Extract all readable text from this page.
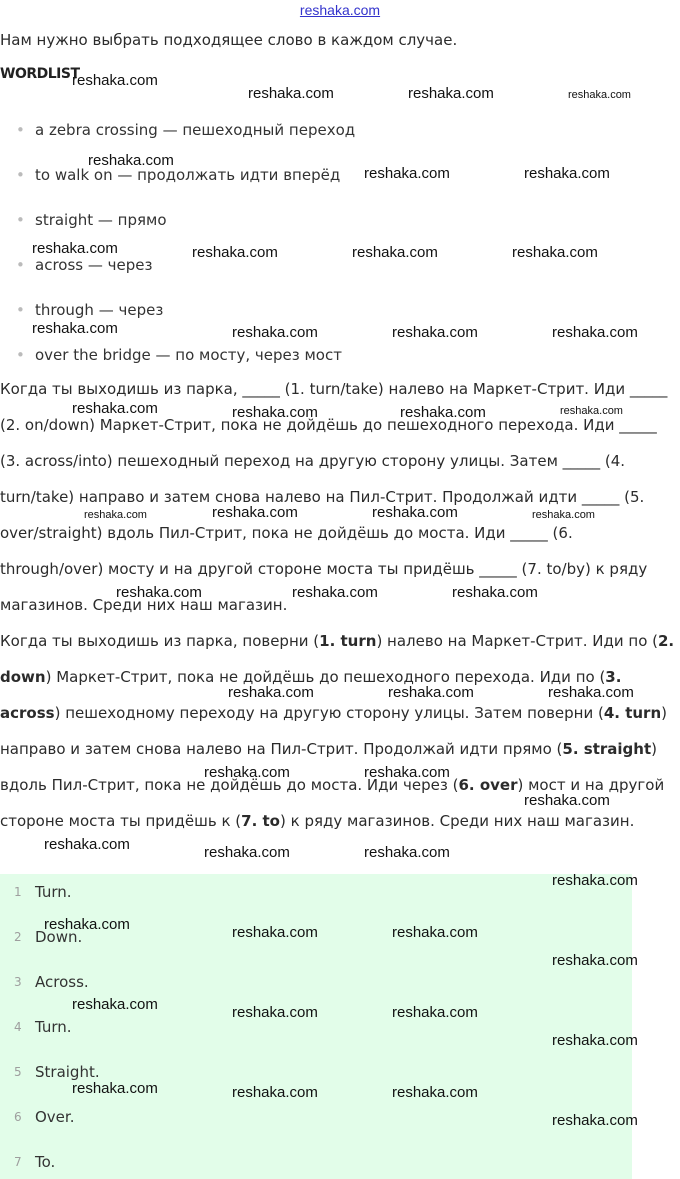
reshaka.com
Нам нужно выбрать подходящее слово в каждом случае.
WORDLIST
• a zebra crossing — пешеходный переход
• to walk on — продолжать идти вперёд
• straight — прямо
• across — через
• through — через
• over the bridge — по мосту, через мост

Когда ты выходишь из парка, _____ (1. turn/take) налево на Маркет-Стрит. Иди _____ (2. on/down) Маркет-Стрит, пока не дойдёшь до пешеходного перехода. Иди _____ (3. across/into) пешеходный переход на другую сторону улицы. Затем _____ (4. turn/take) направо и затем снова налево на Пил-Стрит. Продолжай идти _____ (5. over/straight) вдоль Пил-Стрит, пока не дойдёшь до моста. Иди _____ (6. through/over) мосту и на другой стороне моста ты придёшь _____ (7. to/by) к ряду магазинов. Среди них наш магазин.

Когда ты выходишь из парка, поверни (1. turn) налево на Маркет-Стрит. Иди по (2. down) Маркет-Стрит, пока не дойдёшь до пешеходного перехода. Иди по (3. across) пешеходному переходу на другую сторону улицы. Затем поверни (4. turn) направо и затем снова налево на Пил-Стрит. Продолжай идти прямо (5. straight) вдоль Пил-Стрит, пока не дойдёшь до моста. Иди через (6. over) мост и на другой стороне моста ты придёшь к (7. to) к ряду магазинов. Среди них наш магазин.

1 Turn.
2 Down.
3 Across.
4 Turn.
5 Straight.
6 Over.
7 To.
reshaka.com
reshaka.com	reshaka.com	reshaka.com
reshaka.com
reshaka.com	reshaka.com
reshaka.com	reshaka.com	reshaka.com	reshaka.com
reshaka.com	reshaka.com	reshaka.com	reshaka.com
reshaka.com	reshaka.com	reshaka.com	reshaka.com
reshaka.com	reshaka.com	reshaka.com	reshaka.com
reshaka.com	reshaka.com	reshaka.com
reshaka.com	reshaka.com	reshaka.com
reshaka.com	reshaka.com
reshaka.com
reshaka.com	reshaka.com	reshaka.com
reshaka.com
reshaka.com	reshaka.com	reshaka.com
reshaka.com
reshaka.com	reshaka.com	reshaka.com
reshaka.com
reshaka.com	reshaka.com	reshaka.com
reshaka.com
